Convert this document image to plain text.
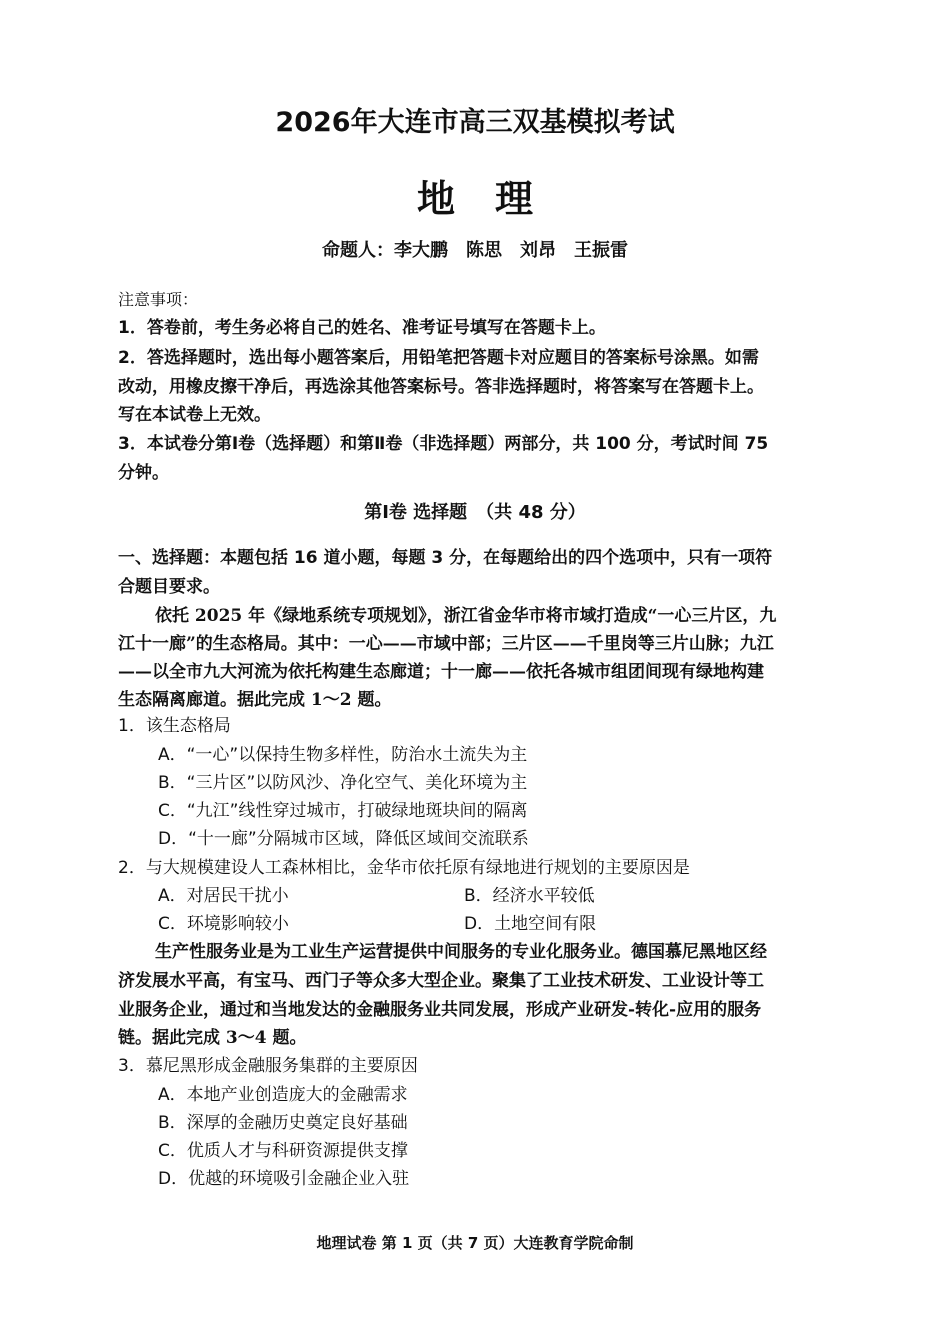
2026年大连市高三双基模拟考试
地理
命题人：李大鹏　陈思　刘昂　王振雷
注意事项：
1．答卷前，考生务必将自己的姓名、准考证号填写在答题卡上。
2．答选择题时，选出每小题答案后，用铅笔把答题卡对应题目的答案标号涂黑。如需
改动，用橡皮擦干净后，再选涂其他答案标号。答非选择题时，将答案写在答题卡上。
写在本试卷上无效。
3．本试卷分第Ⅰ卷（选择题）和第Ⅱ卷（非选择题）两部分，共 100 分，考试时间 75
分钟。
第Ⅰ卷 选择题　（共 48 分）
一、选择题：本题包括 16 道小题，每题 3 分，在每题给出的四个选项中，只有一项符
合题目要求。
依托 2025 年《绿地系统专项规划》，浙江省金华市将市域打造成“一心三片区，九
江十一廊”的生态格局。其中：一心——市域中部；三片区——千里岗等三片山脉；九江
——以全市九大河流为依托构建生态廊道；十一廊——依托各城市组团间现有绿地构建
生态隔离廊道。据此完成 1～2 题。
1．该生态格局
A．“一心”以保持生物多样性，防治水土流失为主
B．“三片区”以防风沙、净化空气、美化环境为主
C．“九江”线性穿过城市，打破绿地斑块间的隔离
D．“十一廊”分隔城市区域，降低区域间交流联系
2．与大规模建设人工森林相比，金华市依托原有绿地进行规划的主要原因是
A．对居民干扰小	B．经济水平较低
C．环境影响较小	D．土地空间有限
生产性服务业是为工业生产运营提供中间服务的专业化服务业。德国慕尼黑地区经
济发展水平高，有宝马、西门子等众多大型企业。聚集了工业技术研发、工业设计等工
业服务企业，通过和当地发达的金融服务业共同发展，形成产业研发-转化-应用的服务
链。据此完成 3～4 题。
3．慕尼黑形成金融服务集群的主要原因
A．本地产业创造庞大的金融需求
B．深厚的金融历史奠定良好基础
C．优质人才与科研资源提供支撑
D．优越的环境吸引金融企业入驻
地理试卷 第 1 页（共 7 页）大连教育学院命制
